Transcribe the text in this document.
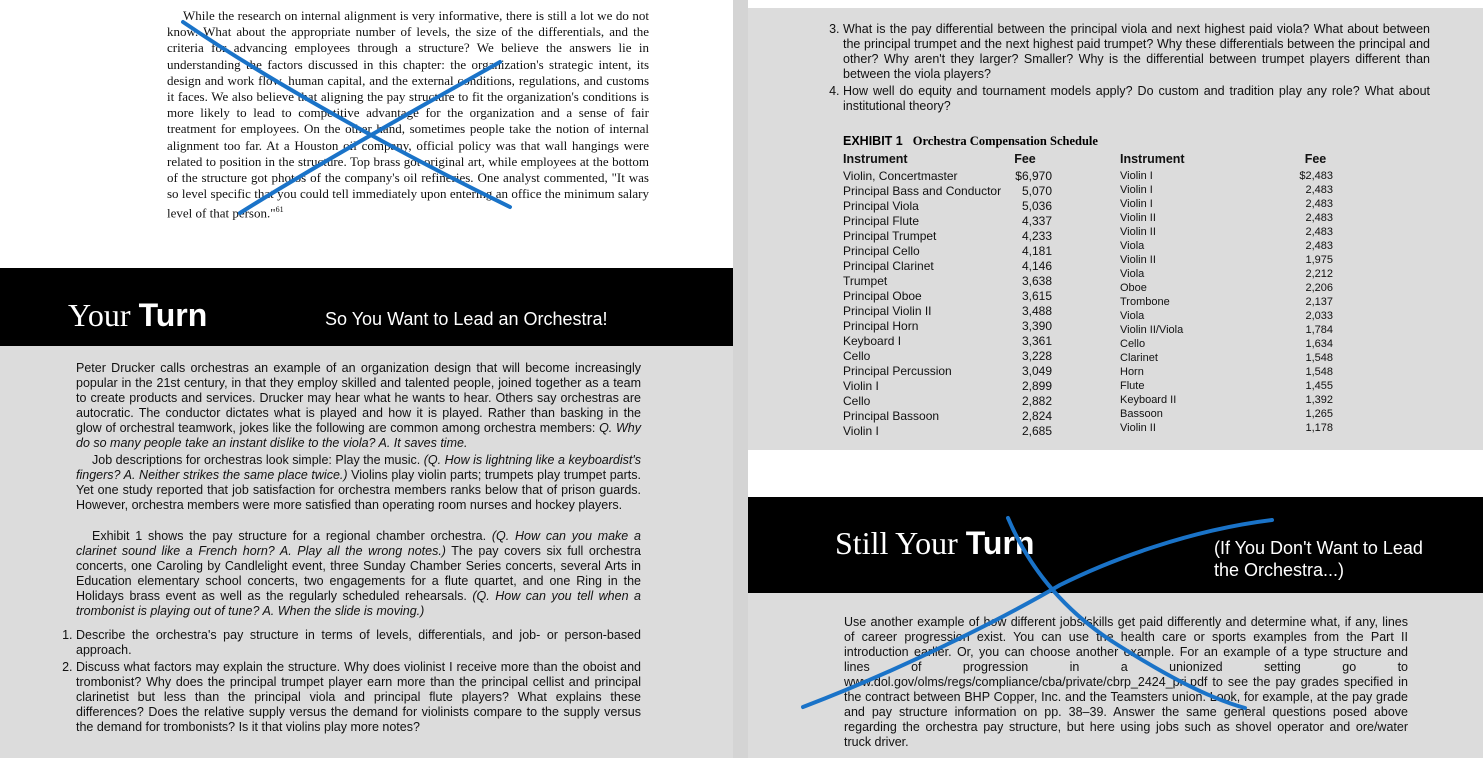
While the research on internal alignment is very informative, there is still a lot we do not know. What about the appropriate number of levels, the size of the differentials, and the criteria for advancing employees through a structure? We believe the answers lie in understanding the factors discussed in this chapter: the organization's strategic intent, its design and work flow, human capital, and the external conditions, regulations, and customs it faces. We also believe that aligning the pay structure to fit the organization's conditions is more likely to lead to competitive advantage for the organization and a sense of fair treatment for employees. On the other hand, sometimes people take the notion of internal alignment too far. At a Houston oil company, official policy was that wall hangings were related to position in the structure. Top brass got original art, while employees at the bottom of the structure got photos of the company's oil refineries. One analyst commented, "It was so level specific that you could tell immediately upon entering an office the minimum salary level of that person."$^{61}$

Your Turn	So You Want to Lead an Orchestra!

Peter Drucker calls orchestras an example of an organization design that will become increasingly popular in the 21st century, in that they employ skilled and talented people, joined together as a team to create products and services. Drucker may hear what he wants to hear. Others say orchestras are autocratic. The conductor dictates what is played and how it is played. Rather than basking in the glow of orchestral teamwork, jokes like the following are common among orchestra members: Q. Why do so many people take an instant dislike to the viola? A. It saves time.

Job descriptions for orchestras look simple: Play the music. (Q. How is lightning like a keyboardist's fingers? A. Neither strikes the same place twice.) Violins play violin parts; trumpets play trumpet parts. Yet one study reported that job satisfaction for orchestra members ranks below that of prison guards. However, orchestra members were more satisfied than operating room nurses and hockey players.

Exhibit 1 shows the pay structure for a regional chamber orchestra. (Q. How can you make a clarinet sound like a French horn? A. Play all the wrong notes.) The pay covers six full orchestra concerts, one Caroling by Candlelight event, three Sunday Chamber Series concerts, several Arts in Education elementary school concerts, two engagements for a flute quartet, and one Ring in the Holidays brass event as well as the regularly scheduled rehearsals. (Q. How can you tell when a trombonist is playing out of tune? A. When the slide is moving.)

1. Describe the orchestra's pay structure in terms of levels, differentials, and job- or person-based approach.
2. Discuss what factors may explain the structure. Why does violinist I receive more than the oboist and trombonist? Why does the principal trumpet player earn more than the principal cellist and principal clarinetist but less than the principal viola and principal flute players? What explains these differences? Does the relative supply versus the demand for violinists compare to the supply versus the demand for trombonists? Is it that violins play more notes?
3. What is the pay differential between the principal viola and next highest paid viola? What about between the principal trumpet and the next highest paid trumpet? Why these differentials between the principal and other? Why aren't they larger? Smaller? Why is the differential between trumpet players different than between the viola players?
4. How well do equity and tournament models apply? Do custom and tradition play any role? What about institutional theory?
EXHIBIT 1 Orchestra Compensation Schedule
Instrument
Violin, Concertmaster
Principal Bass and Conductor
Principal Viola
Principal Flute
Principal Trumpet
Principal Cello
Principal Clarinet
Trumpet
Principal Oboe
Principal Violin II
Principal Horn
Keyboard I
Cello
Principal Percussion
Violin I
Cello
Principal Bassoon
Violin I
Fee
$6,970
5,070
5,036
4,337
4,233
4,181
4,146
3,638
3,615
3,488
3,390
3,361
3,228
3,049
2,899
2,882
2,824
2,685
Instrument
Violin I
Violin I
Violin I
Violin II
Violin II
Viola
Violin II
Viola
Oboe
Trombone
Viola
Violin II/Viola
Cello
Clarinet
Horn
Flute
Keyboard II
Bassoon
Violin II
Fee
$2,483
2,483
2,483
2,483
2,483
2,483
1,975
2,212
2,206
2,137
2,033
1,784
1,634
1,548
1,548
1,455
1,392
1,265
1,178
Still Your Turn	(If You Don't Want to Lead the Orchestra...)

Use another example of how different jobs/skills get paid differently and determine what, if any, lines of career progression exist. You can use the health care or sports examples from the Part II introduction earlier. Or, you can choose another example. For an example of a type structure and lines of progression in a unionized setting go to www.dol.gov/olms/regs/compliance/cba/private/cbrp_2424_pri.pdf to see the pay grades specified in the contract between BHP Copper, Inc. and the Teamsters union. Look, for example, at the pay grade and pay structure information on pp. 38–39. Answer the same general questions posed above regarding the orchestra pay structure, but here using jobs such as shovel operator and ore/water truck driver.
